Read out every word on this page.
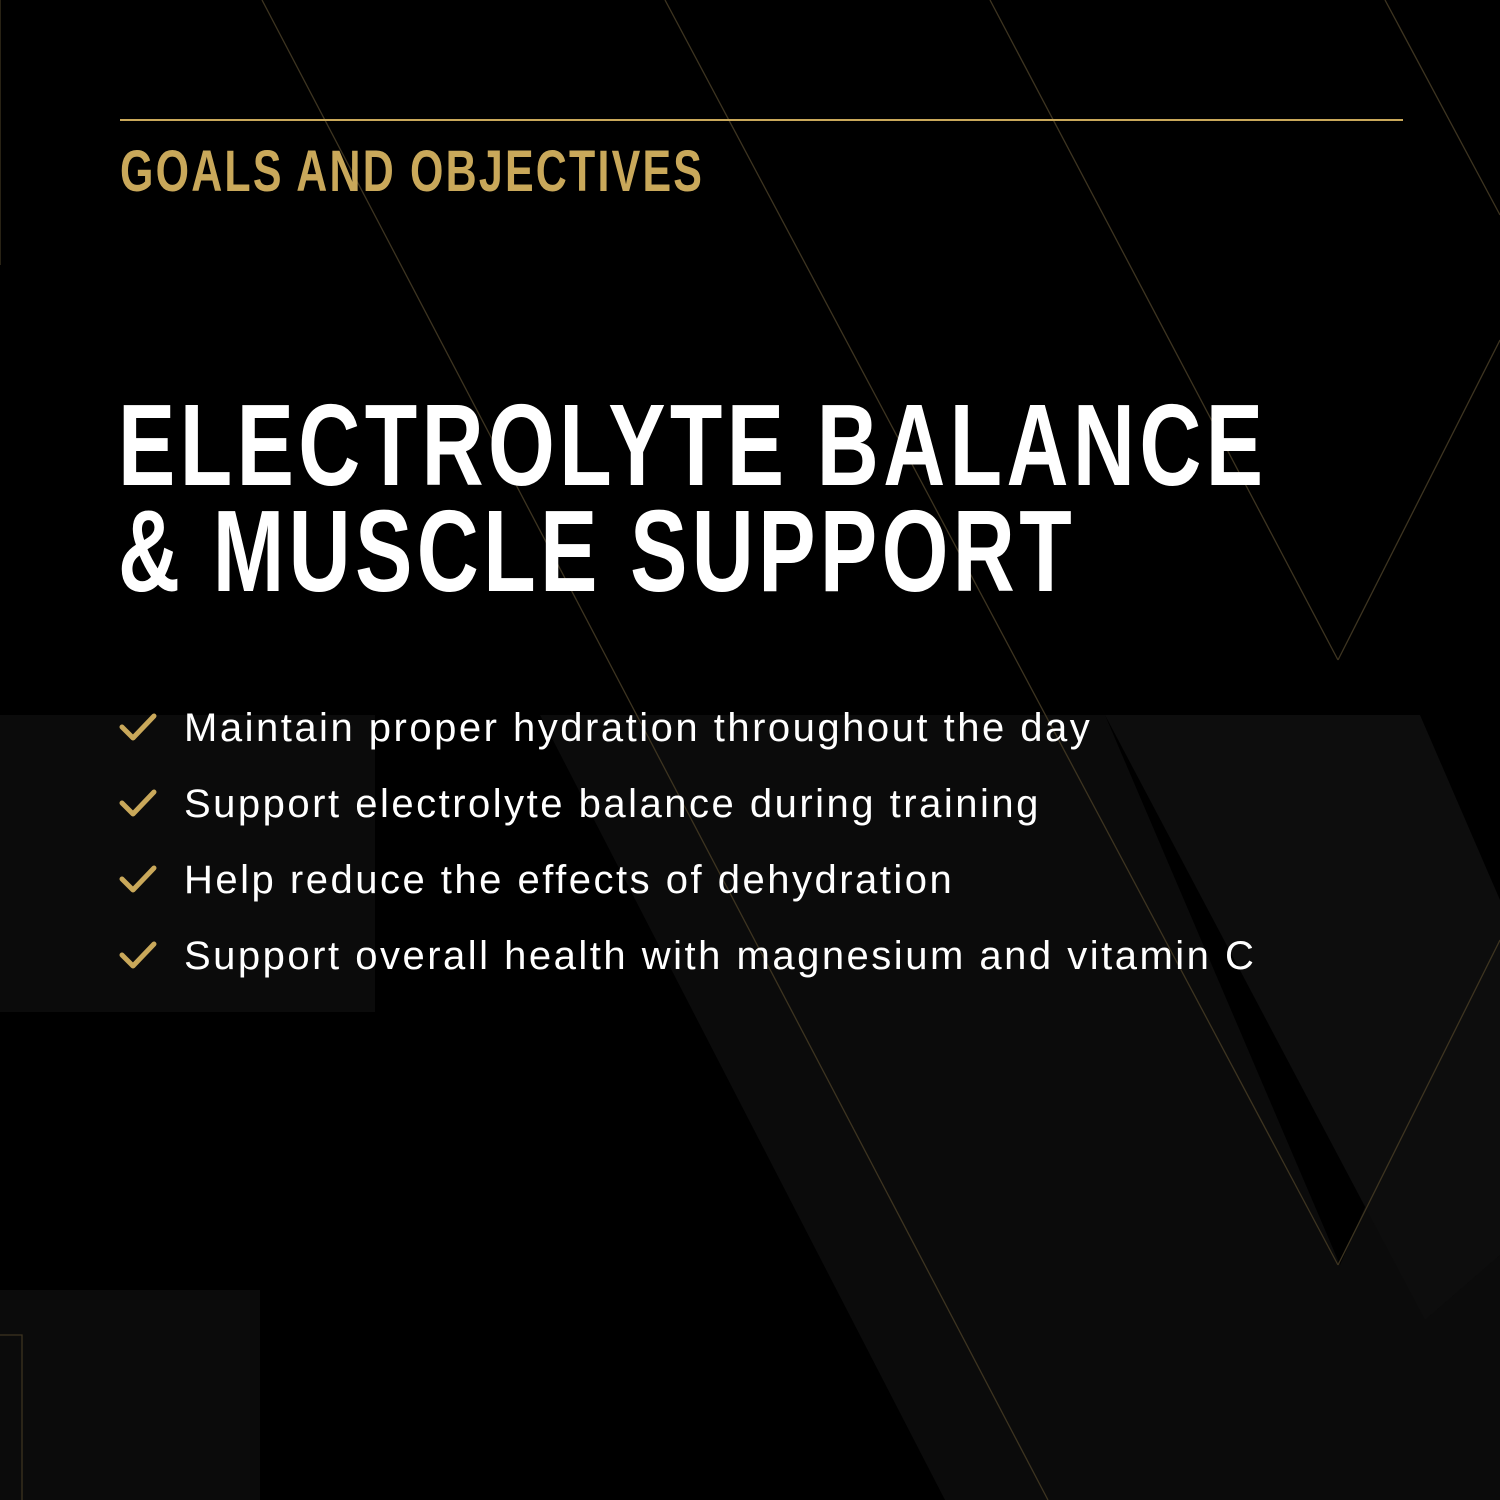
GOALS AND OBJECTIVES
ELECTROLYTE BALANCE
& MUSCLE SUPPORT
Maintain proper hydration throughout the day
Support electrolyte balance during training
Help reduce the effects of dehydration
Support overall health with magnesium and vitamin C
